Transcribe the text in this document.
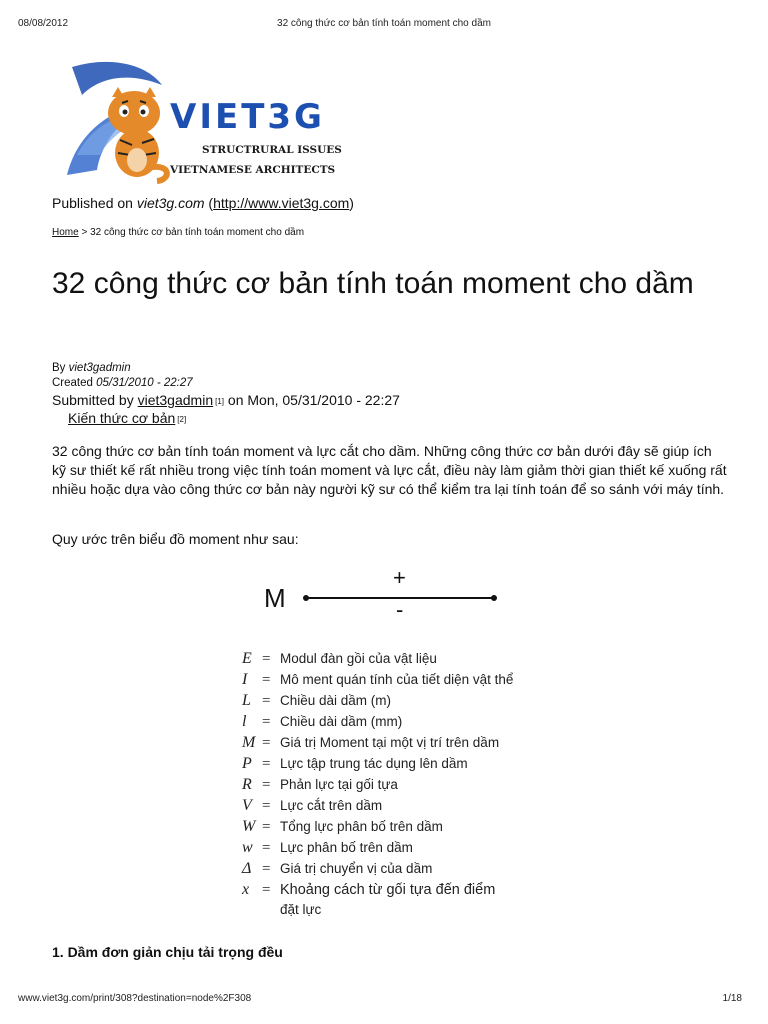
08/08/2012	32 công thức cơ bản tính toán moment cho dầm
VIET3G
STRUCTRURAL ISSUES
VIETNAMESE ARCHITECTS
Published on viet3g.com (http://www.viet3g.com)
Home > 32 công thức cơ bản tính toán moment cho dầm
32 công thức cơ bản tính toán moment cho dầm
By viet3gadmin
Created 05/31/2010 - 22:27
Submitted by viet3gadmin [1] on Mon, 05/31/2010 - 22:27
Kiến thức cơ bản [2]

32 công thức cơ bản tính toán moment và lực cắt cho dầm. Những công thức cơ bản dưới đây sẽ giúp ích kỹ sư thiết kế rất nhiều trong việc tính toán moment và lực cắt, điều này làm giảm thời gian thiết kế xuống rất nhiều hoặc dựa vào công thức cơ bản này người kỹ sư có thể kiểm tra lại tính toán để so sánh với máy tính.

Quy ước trên biểu đồ moment như sau:
M
+
-
E = Modul đàn gồi của vật liệu
I = Mô ment quán tính của tiết diện vật thể
L = Chiều dài dầm (m)
l = Chiều dài dầm (mm)
M = Giá trị Moment tại một vị trí trên dầm
P = Lực tập trung tác dụng lên dầm
R = Phản lực tại gối tựa
V = Lực cắt trên dầm
W = Tổng lực phân bố trên dầm
w = Lực phân bố trên dầm
Δ = Giá trị chuyển vị của dầm
x = Khoảng cách từ gối tựa đến điểm
đặt lực
1. Dầm đơn giản chịu tải trọng đều
www.viet3g.com/print/308?destination=node%2F308	1/18
